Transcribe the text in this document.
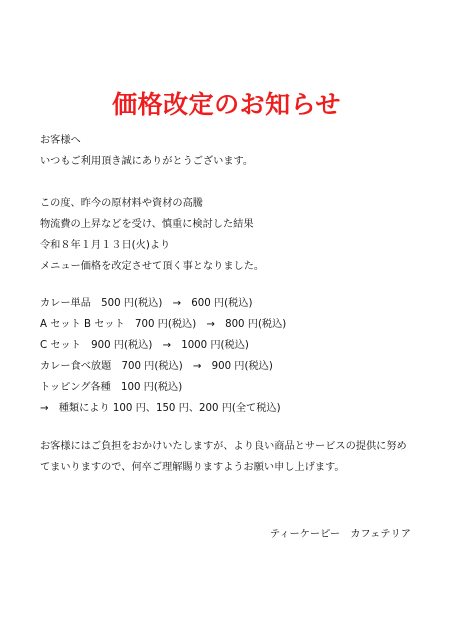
価格改定のお知らせ
お客様へ
いつもご利用頂き誠にありがとうございます。
この度、昨今の原材料や資材の高騰
物流費の上昇などを受け、慎重に検討した結果
令和８年１月１３日(火)より
メニュー価格を改定させて頂く事となりました。
カレー単品　500 円(税込)　→　600 円(税込)
A セット B セット　700 円(税込)　→　800 円(税込)
C セット　900 円(税込)　→　1000 円(税込)
カレー食べ放題　700 円(税込)　→　900 円(税込)
トッピング各種　100 円(税込)
→　種類により 100 円、150 円、200 円(全て税込)
お客様にはご負担をおかけいたしますが、より良い商品とサービスの提供に努め
てまいりますので、何卒ご理解賜りますようお願い申し上げます。
ティーケーピー　カフェテリア
